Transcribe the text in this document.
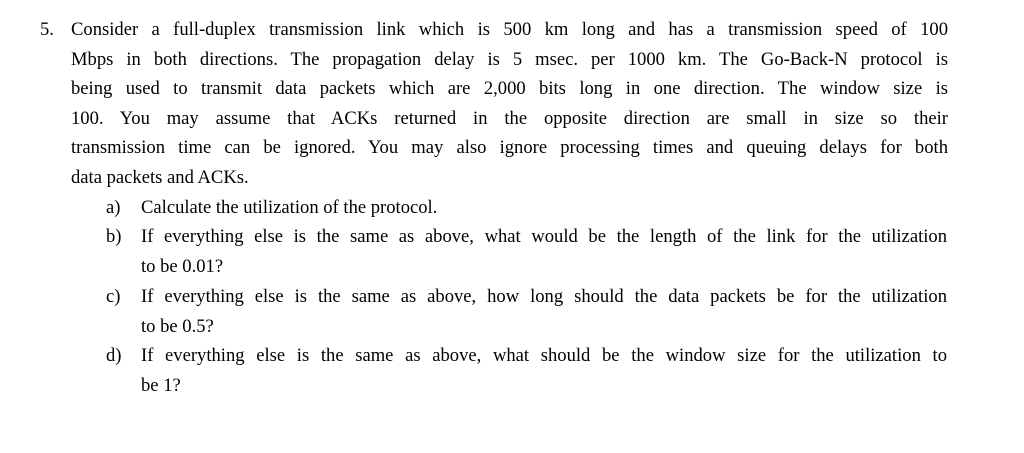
5. Consider a full-duplex transmission link which is 500 km long and has a transmission speed of 100
Mbps in both directions. The propagation delay is 5 msec. per 1000 km. The Go-Back-N protocol is
being used to transmit data packets which are 2,000 bits long in one direction. The window size is
100. You may assume that ACKs returned in the opposite direction are small in size so their
transmission time can be ignored. You may also ignore processing times and queuing delays for both
data packets and ACKs.
a) Calculate the utilization of the protocol.
b) If everything else is the same as above, what would be the length of the link for the utilization
to be 0.01?
c) If everything else is the same as above, how long should the data packets be for the utilization
to be 0.5?
d) If everything else is the same as above, what should be the window size for the utilization to
be 1?
